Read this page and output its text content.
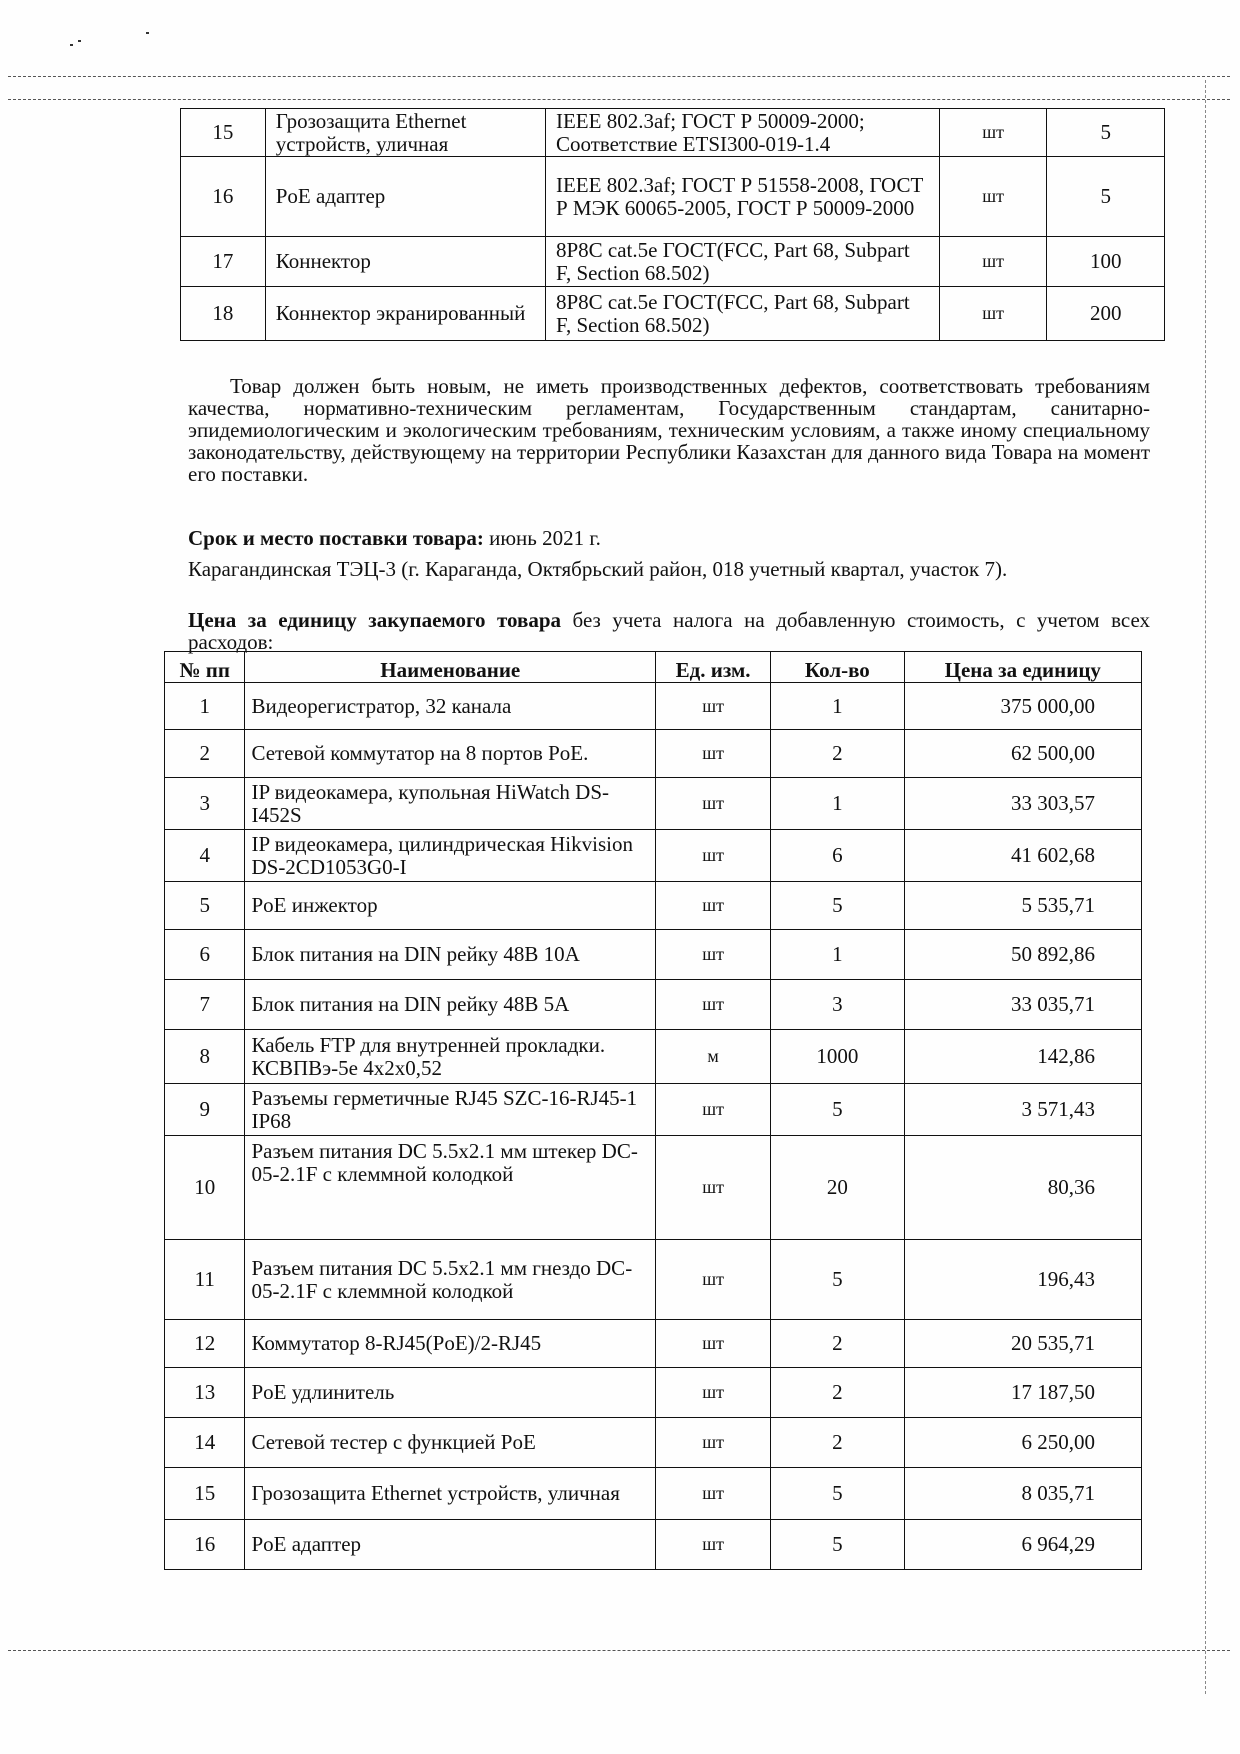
15	Грозозащита Ethernet устройств, уличная	IEEE 802.3af; ГОСТ Р 50009-2000; Соответствие ETSI300-019-1.4	шт	5
16	PoE адаптер	IEEE 802.3af; ГОСТ Р 51558-2008, ГОСТ Р МЭК 60065-2005, ГОСТ Р 50009-2000	шт	5
17	Коннектор	8P8C cat.5e ГОСТ(FCC, Part 68, Subpart F, Section 68.502)	шт	100
18	Коннектор экранированный	8P8C cat.5e ГОСТ(FCC, Part 68, Subpart F, Section 68.502)	шт	200
Товар должен быть новым, не иметь производственных дефектов, соответствовать требованиям качества, нормативно-техническим регламентам, Государственным стандартам, санитарно-эпидемиологическим и экологическим требованиям, техническим условиям, а также иному специальному законодательству, действующему на территории Республики Казахстан для данного вида Товара на момент его поставки.
Срок и место поставки товара: июнь 2021 г.
Карагандинская ТЭЦ-3 (г. Караганда, Октябрьский район, 018 учетный квартал, участок 7).
Цена за единицу закупаемого товара без учета налога на добавленную стоимость, с учетом всех расходов:
№ пп	Наименование	Ед. изм.	Кол-во	Цена за единицу
1	Видеорегистратор, 32 канала	шт	1	375 000,00
2	Сетевой коммутатор на 8 портов PoE.	шт	2	62 500,00
3	IP видеокамера, купольная HiWatch DS-I452S	шт	1	33 303,57
4	IP видеокамера, цилиндрическая Hikvision DS-2CD1053G0-I	шт	6	41 602,68
5	PoE инжектор	шт	5	5 535,71
6	Блок питания на DIN рейку 48В 10А	шт	1	50 892,86
7	Блок питания на DIN рейку 48В 5А	шт	3	33 035,71
8	Кабель FTP для внутренней прокладки. КСВПВэ-5е 4х2х0,52	м	1000	142,86
9	Разъемы герметичные RJ45 SZC-16-RJ45-1 IP68	шт	5	3 571,43
10	Разъем питания DC 5.5x2.1 мм штекер DC-05-2.1F с клеммной колодкой	шт	20	80,36
11	Разъем питания DC 5.5x2.1 мм гнездо DC-05-2.1F с клеммной колодкой	шт	5	196,43
12	Коммутатор 8-RJ45(PoE)/2-RJ45	шт	2	20 535,71
13	PoE удлинитель	шт	2	17 187,50
14	Сетевой тестер с функцией PoE	шт	2	6 250,00
15	Грозозащита Ethernet устройств, уличная	шт	5	8 035,71
16	PoE адаптер	шт	5	6 964,29
